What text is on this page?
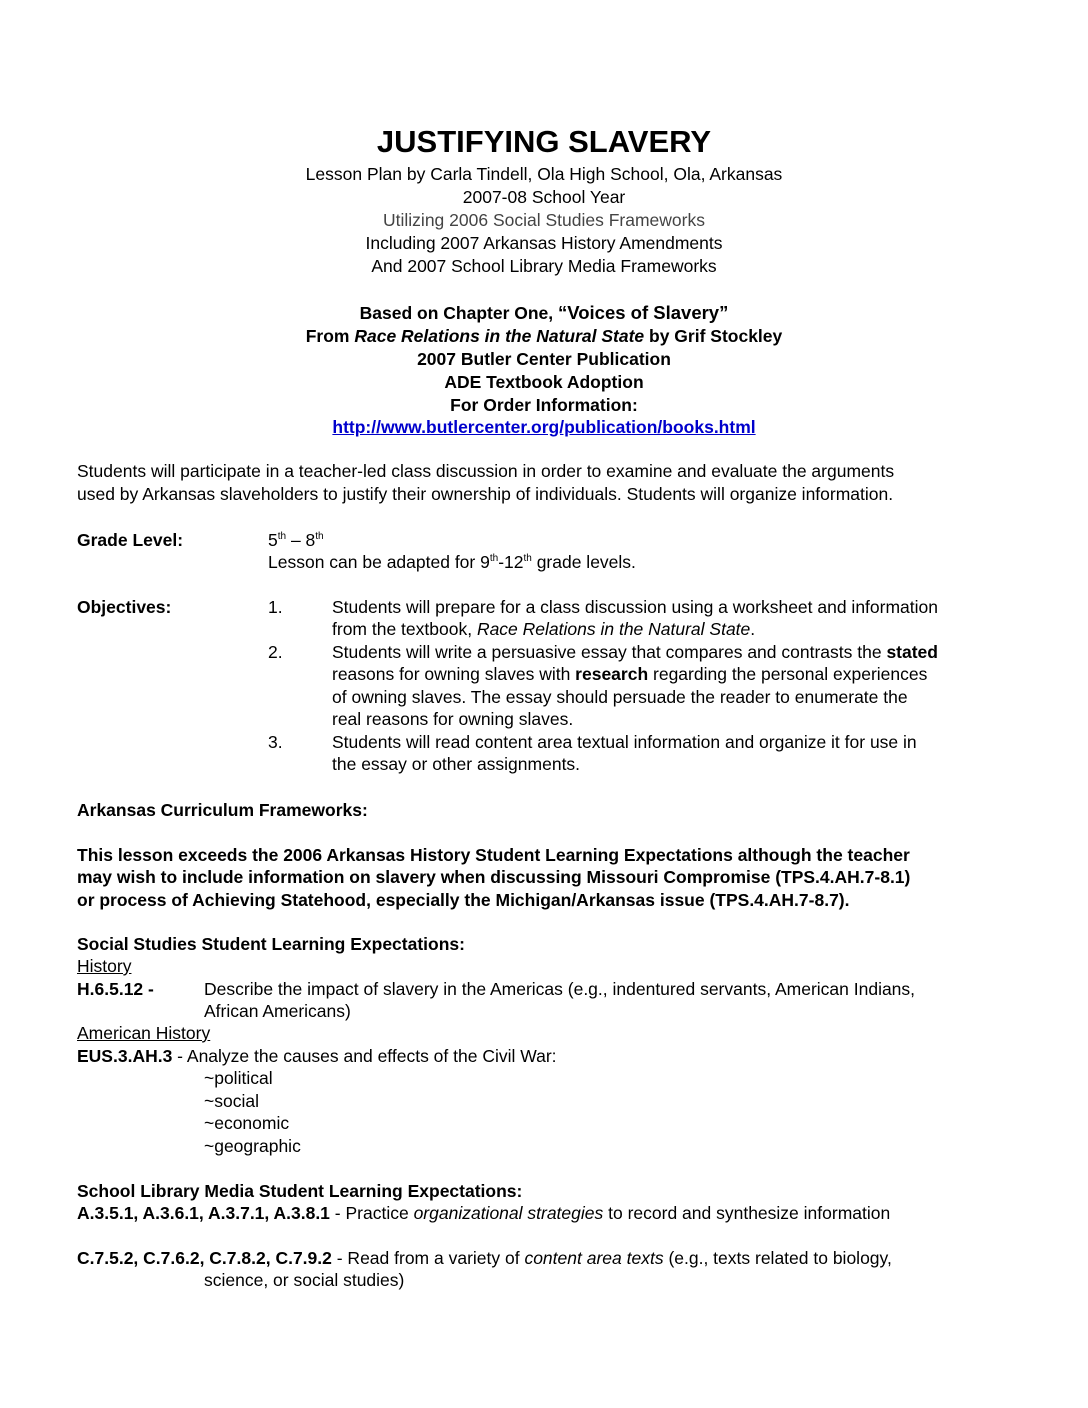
JUSTIFYING SLAVERY
Lesson Plan by Carla Tindell, Ola High School, Ola, Arkansas
2007-08 School Year
Utilizing 2006 Social Studies Frameworks
Including 2007 Arkansas History Amendments
And 2007 School Library Media Frameworks
Based on Chapter One, “Voices of Slavery”
From Race Relations in the Natural State by Grif Stockley
2007 Butler Center Publication
ADE Textbook Adoption
For Order Information:
http://www.butlercenter.org/publication/books.html
Students will participate in a teacher-led class discussion in order to examine and evaluate the arguments
used by Arkansas slaveholders to justify their ownership of individuals. Students will organize information.
Grade Level:	5th – 8th
Lesson can be adapted for 9th-12th grade levels.
Objectives:	1.	Students will prepare for a class discussion using a worksheet and information
from the textbook, Race Relations in the Natural State.
2.	Students will write a persuasive essay that compares and contrasts the stated
reasons for owning slaves with research regarding the personal experiences
of owning slaves. The essay should persuade the reader to enumerate the
real reasons for owning slaves.
3.	Students will read content area textual information and organize it for use in
the essay or other assignments.
Arkansas Curriculum Frameworks:
This lesson exceeds the 2006 Arkansas History Student Learning Expectations although the teacher
may wish to include information on slavery when discussing Missouri Compromise (TPS.4.AH.7-8.1)
or process of Achieving Statehood, especially the Michigan/Arkansas issue (TPS.4.AH.7-8.7).
Social Studies Student Learning Expectations:
History
H.6.5.12 -	Describe the impact of slavery in the Americas (e.g., indentured servants, American Indians,
African Americans)
American History
EUS.3.AH.3 - Analyze the causes and effects of the Civil War:
~political
~social
~economic
~geographic
School Library Media Student Learning Expectations:
A.3.5.1, A.3.6.1, A.3.7.1, A.3.8.1 - Practice organizational strategies to record and synthesize information
C.7.5.2, C.7.6.2, C.7.8.2, C.7.9.2 - Read from a variety of content area texts (e.g., texts related to biology,
science, or social studies)
